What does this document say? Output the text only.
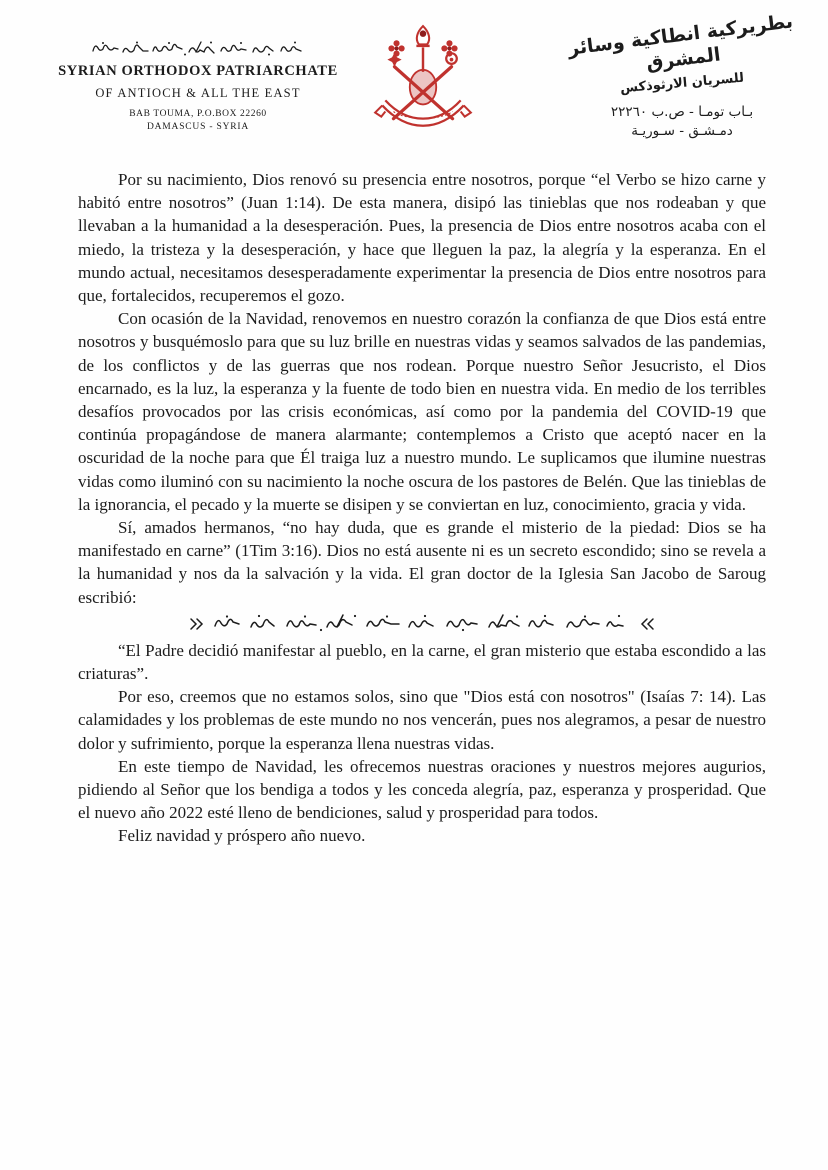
SYRIAN ORTHODOX PATRIARCHATE
OF ANTIOCH & ALL THE EAST
BAB TOUMA, P.O.BOX 22260
DAMASCUS - SYRIA
بطريركية انطاكية وسائر المشرق
للسريان الارثوذكس
بـاب تومـا - ص.ب ٢٢٢٦٠
دمـشـق - سـوريـة

Por su nacimiento, Dios renovó su presencia entre nosotros, porque “el Verbo se hizo carne y habitó entre nosotros” (Juan 1:14). De esta manera, disipó las tinieblas que nos rodeaban y que llevaban a la humanidad a la desesperación. Pues, la presencia de Dios entre nosotros acaba con el miedo, la tristeza y la desesperación, y hace que lleguen la paz, la alegría y la esperanza. En el mundo actual, necesitamos desesperadamente experimentar la presencia de Dios entre nosotros para que, fortalecidos, recuperemos el gozo.

Con ocasión de la Navidad, renovemos en nuestro corazón la confianza de que Dios está entre nosotros y busquémoslo para que su luz brille en nuestras vidas y seamos salvados de las pandemias, de los conflictos y de las guerras que nos rodean. Porque nuestro Señor Jesucristo, el Dios encarnado, es la luz, la esperanza y la fuente de todo bien en nuestra vida. En medio de los terribles desafíos provocados por las crisis económicas, así como por la pandemia del COVID-19 que continúa propagándose de manera alarmante; contemplemos a Cristo que aceptó nacer en la oscuridad de la noche para que Él traiga luz a nuestro mundo. Le suplicamos que ilumine nuestras vidas como iluminó con su nacimiento la noche oscura de los pastores de Belén. Que las tinieblas de la ignorancia, el pecado y la muerte se disipen y se conviertan en luz, conocimiento, gracia y vida.

Sí, amados hermanos, “no hay duda, que es grande el misterio de la piedad: Dios se ha manifestado en carne” (1Tim 3:16). Dios no está ausente ni es un secreto escondido; sino se revela a la humanidad y nos da la salvación y la vida. El gran doctor de la Iglesia San Jacobo de Saroug escribió:

“El Padre decidió manifestar al pueblo, en la carne, el gran misterio que estaba escondido a las criaturas”.

Por eso, creemos que no estamos solos, sino que "Dios está con nosotros" (Isaías 7: 14). Las calamidades y los problemas de este mundo no nos vencerán, pues nos alegramos, a pesar de nuestro dolor y sufrimiento, porque la esperanza llena nuestras vidas.

En este tiempo de Navidad, les ofrecemos nuestras oraciones y nuestros mejores augurios, pidiendo al Señor que los bendiga a todos y les conceda alegría, paz, esperanza y prosperidad. Que el nuevo año 2022 esté lleno de bendiciones, salud y prosperidad para todos.

Feliz navidad y próspero año nuevo.
